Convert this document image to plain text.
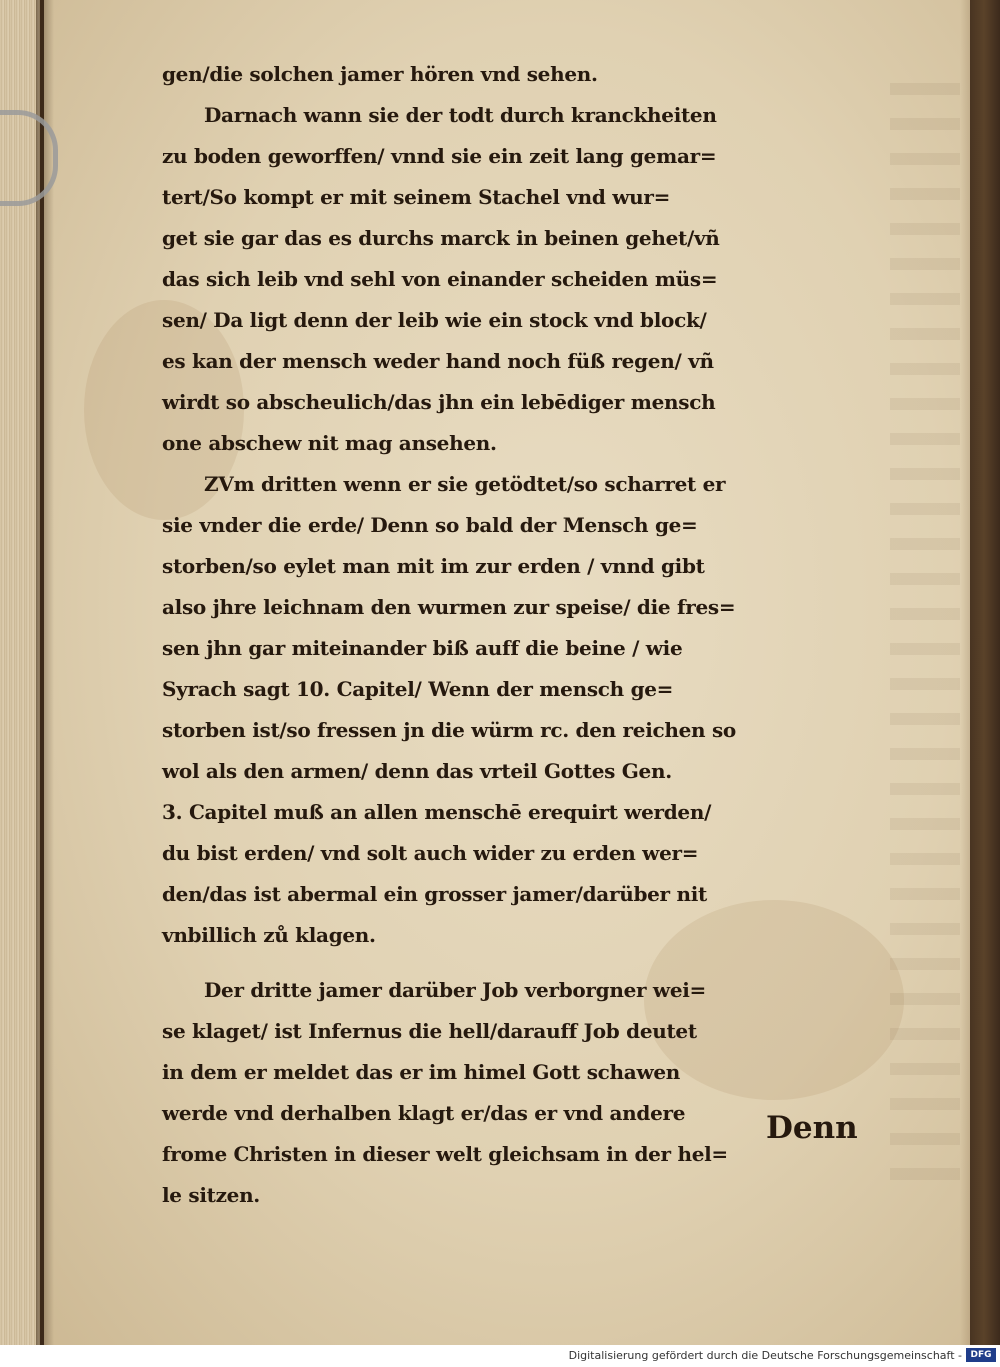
gen/die solchen jamer hören vnd sehen.
Darnach wann sie der todt durch kranckheiten
zu boden geworffen/ vnnd sie ein zeit lang gemar=
tert/So kompt er mit seinem Stachel vnd wur=
get sie gar das es durchs marck in beinen gehet/vñ
das sich leib vnd sehl von einander scheiden müs=
sen/ Da ligt denn der leib wie ein stock vnd block/
es kan der mensch weder hand noch füß regen/ vñ
wirdt so abscheulich/das jhn ein lebēdiger mensch
one abschew nit mag ansehen.
ZVm dritten wenn er sie getödtet/so scharret er
sie vnder die erde/ Denn so bald der Mensch ge=
storben/so eylet man mit im zur erden / vnnd gibt
also jhre leichnam den wurmen zur speise/ die fres=
sen jhn gar miteinander biß auff die beine / wie
Syrach sagt 10. Capitel/ Wenn der mensch ge=
storben ist/so fressen jn die würm rc. den reichen so
wol als den armen/ denn das vrteil Gottes Gen.
3. Capitel muß an allen menschē erequirt werden/
du bist erden/ vnd solt auch wider zu erden wer=
den/das ist abermal ein grosser jamer/darüber nit
vnbillich zů klagen.
Der dritte jamer darüber Job verborgner wei=
se klaget/ ist Infernus die hell/darauff Job deutet
in dem er meldet das er im himel Gott schawen
werde vnd derhalben klagt er/das er vnd andere
frome Christen in dieser welt gleichsam in der hel=
le sitzen.
Denn
Digitalisierung gefördert durch die Deutsche Forschungsgemeinschaft - DFG
